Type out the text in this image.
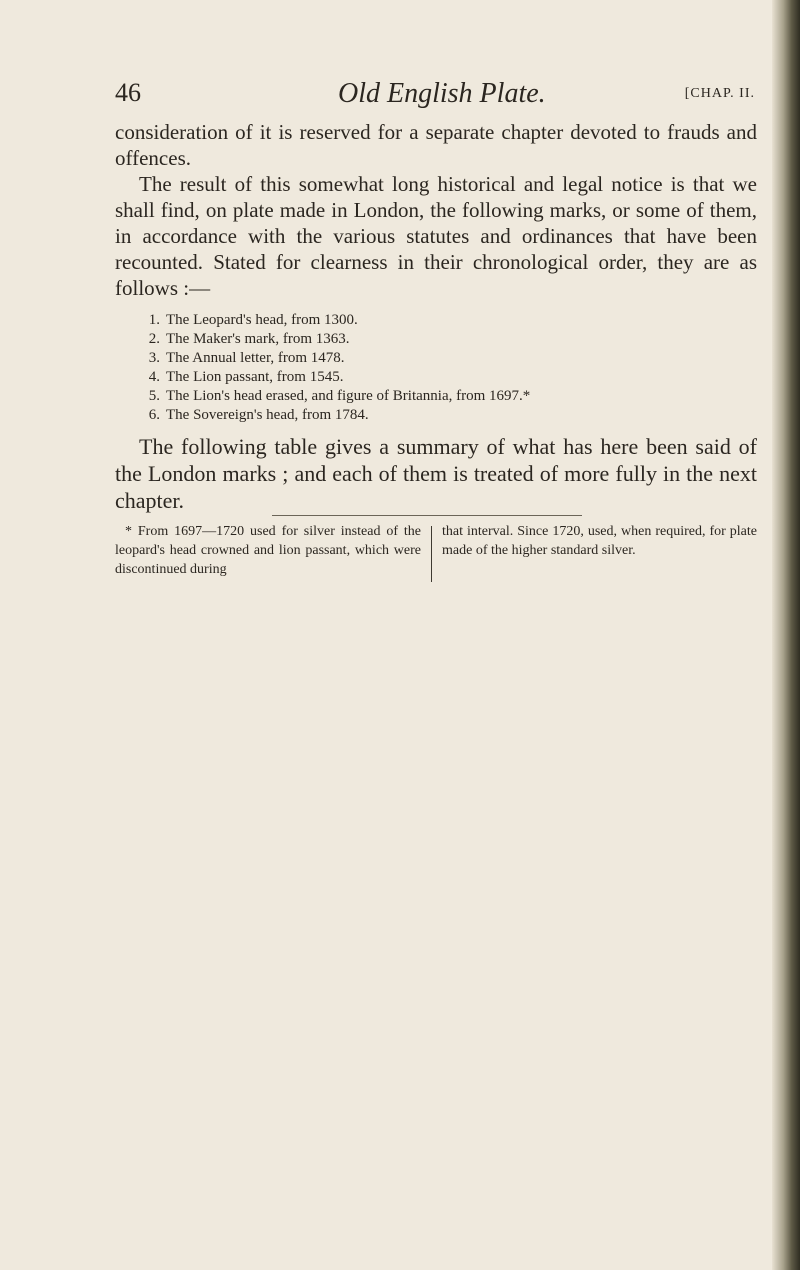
46	Old English Plate.	[CHAP. II.

consideration of it is reserved for a separate chapter devoted to frauds and offences.

The result of this somewhat long historical and legal notice is that we shall find, on plate made in London, the following marks, or some of them, in accordance with the various statutes and ordinances that have been recounted. Stated for clearness in their chronological order, they are as follows :—

1. The Leopard's head, from 1300.
2. The Maker's mark, from 1363.
3. The Annual letter, from 1478.
4. The Lion passant, from 1545.
5. The Lion's head erased, and figure of Britannia, from 1697.*
6. The Sovereign's head, from 1784.

The following table gives a summary of what has here been said of the London marks ; and each of them is treated of more fully in the next chapter.

* From 1697—1720 used for silver instead of the leopard's head crowned and lion passant, which were discontinued during

that interval. Since 1720, used, when required, for plate made of the higher standard silver.
